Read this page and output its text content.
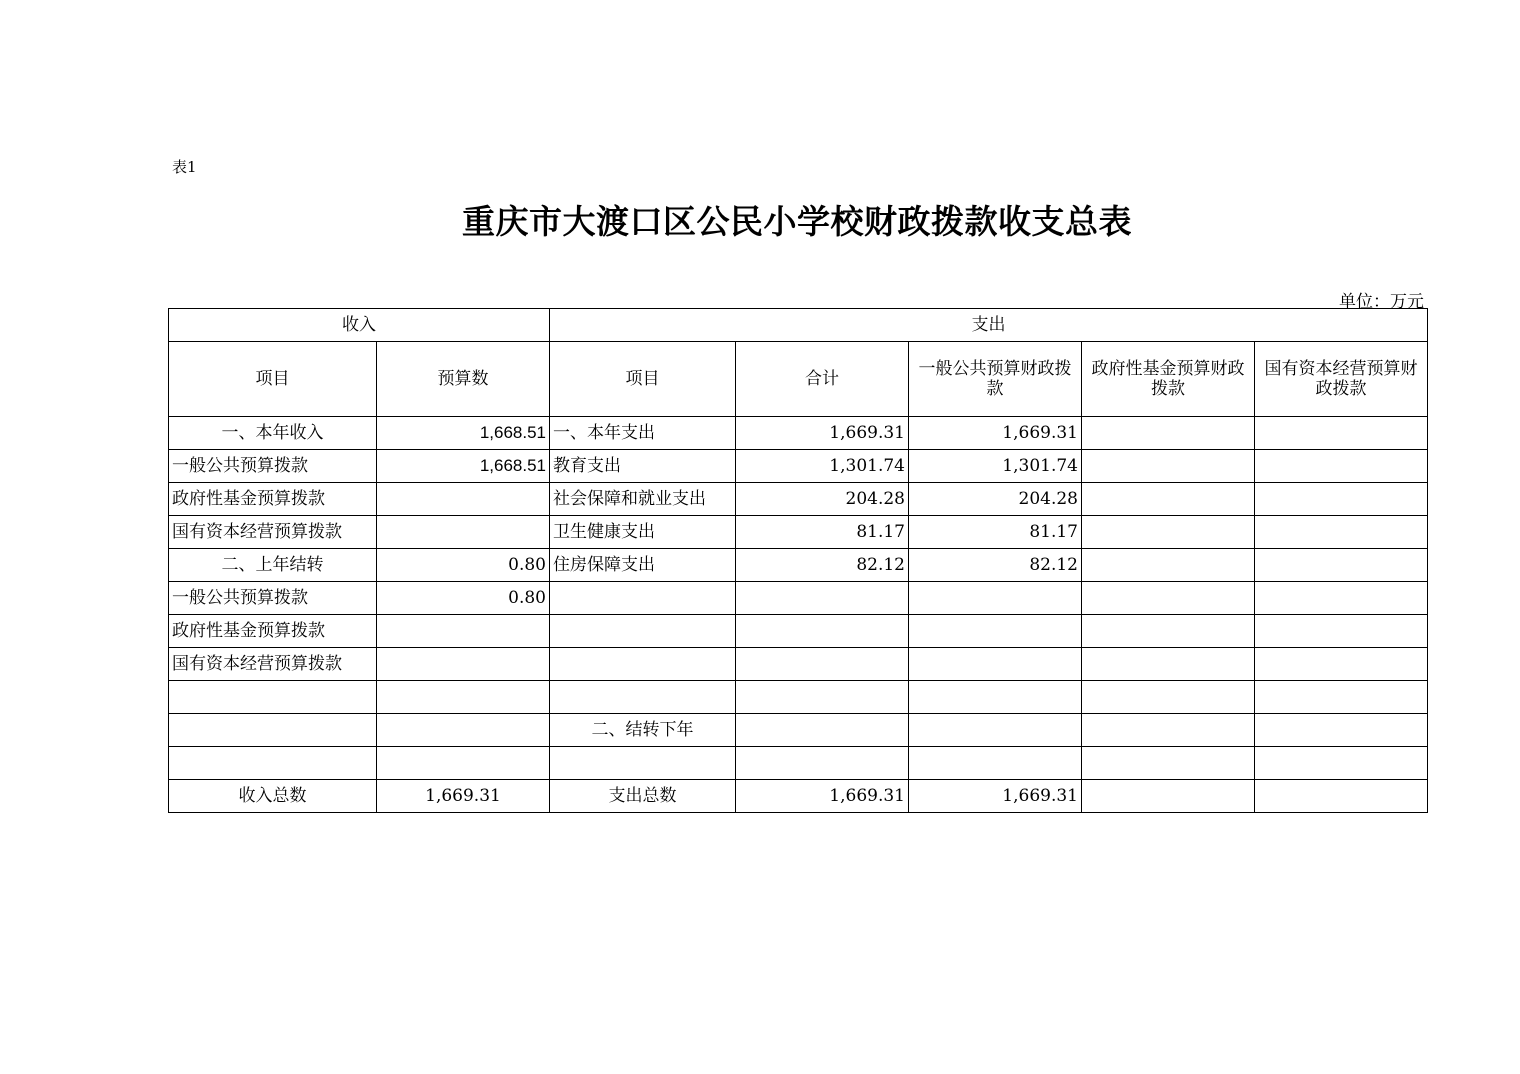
表1
重庆市大渡口区公民小学校财政拨款收支总表
单位：万元
收入		支出				
项目	预算数	项目	合计	一般公共预算财政拨款	政府性基金预算财政拨款	国有资本经营预算财政拨款
一、本年收入	1,668.51	一、本年支出	1,669.31	1,669.31		
一般公共预算拨款	1,668.51	教育支出	1,301.74	1,301.74		
政府性基金预算拨款		社会保障和就业支出	204.28	204.28		
国有资本经营预算拨款		卫生健康支出	81.17	81.17		
二、上年结转	0.80	住房保障支出	82.12	82.12		
一般公共预算拨款	0.80					
政府性基金预算拨款						
国有资本经营预算拨款						

		二、结转下年				

收入总数	1,669.31	支出总数	1,669.31	1,669.31		
